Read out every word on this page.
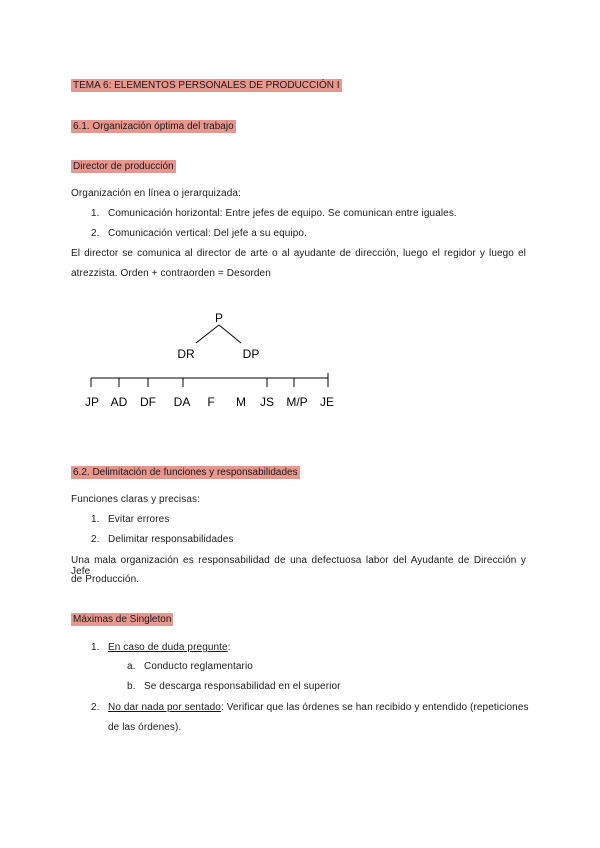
TEMA 6: ELEMENTOS PERSONALES DE PRODUCCIÓN I
6.1. Organización óptima del trabajo
Director de producción
Organización en línea o jerarquizada:
1. Comunicación horizontal: Entre jefes de equipo. Se comunican entre iguales.
2. Comunicación vertical: Del jefe a su equipo.
El director se comunica al director de arte o al ayudante de dirección, luego el regidor y luego el
atrezzista. Orden + contraorden = Desorden
P
DR	DP
JP AD DF DA F M JS M/P JE
6.2. Delimitación de funciones y responsabilidades
Funciones claras y precisas:
1. Evitar errores
2. Delimitar responsabilidades
Una mala organización es responsabilidad de una defectuosa labor del Ayudante de Dirección y Jefe
de Producción.
Máximas de Singleton
1. En caso de duda pregunte:
a. Conducto reglamentario
b. Se descarga responsabilidad en el superior
2. No dar nada por sentado: Verificar que las órdenes se han recibido y entendido (repeticiones
de las órdenes).
